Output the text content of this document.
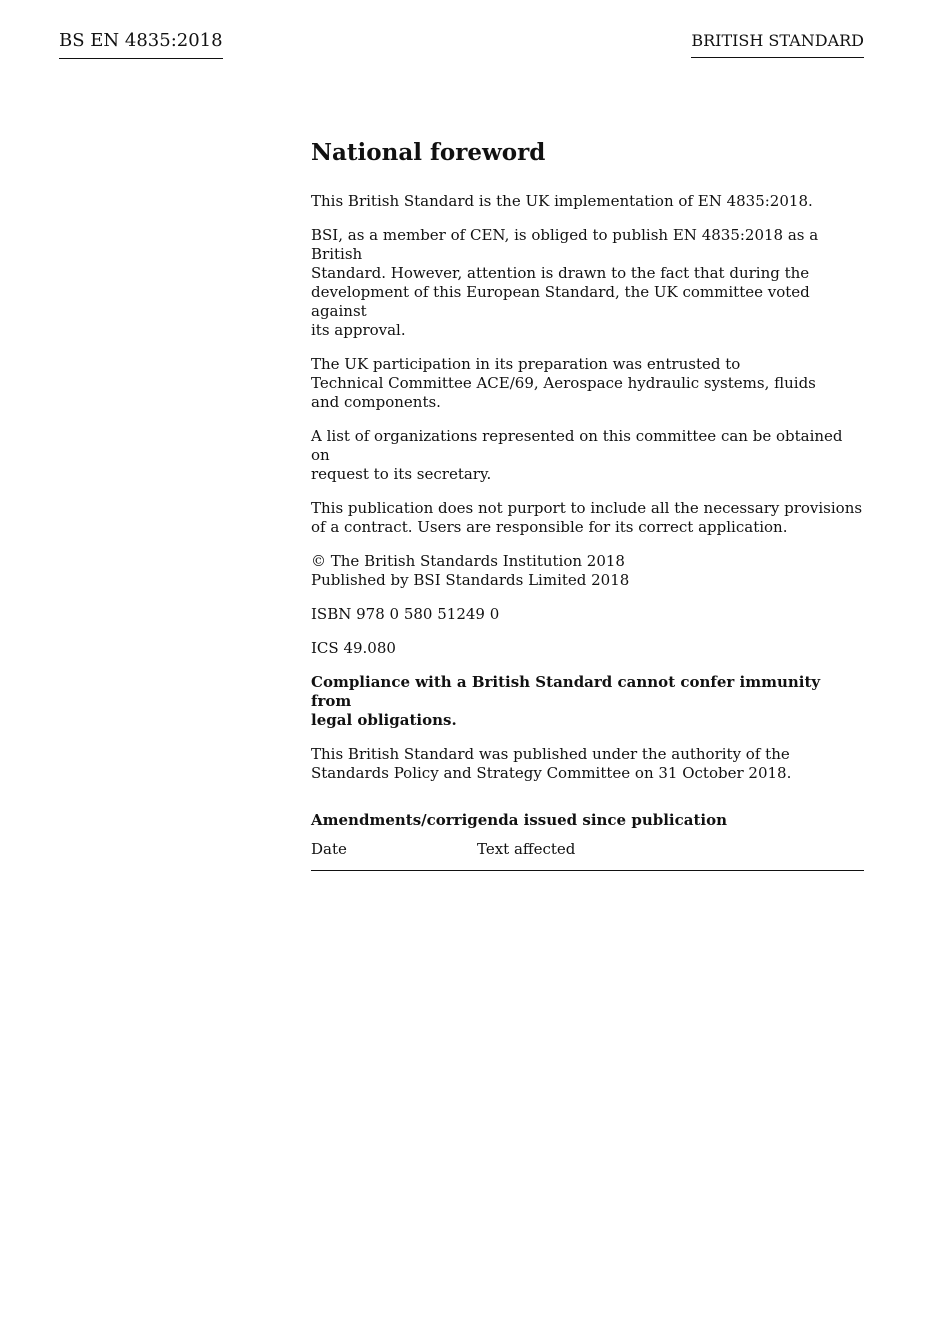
BS EN 4835:2018	BRITISH STANDARD
National foreword

This British Standard is the UK implementation of EN 4835:2018.

BSI, as a member of CEN, is obliged to publish EN 4835:2018 as a British
Standard. However, attention is drawn to the fact that during the
development of this European Standard, the UK committee voted against
its approval.

The UK participation in its preparation was entrusted to
Technical Committee ACE/69, Aerospace hydraulic systems, fluids
and components.

A list of organizations represented on this committee can be obtained on
request to its secretary.

This publication does not purport to include all the necessary provisions
of a contract. Users are responsible for its correct application.

© The British Standards Institution 2018
Published by BSI Standards Limited 2018

ISBN 978 0 580 51249 0

ICS 49.080

Compliance with a British Standard cannot confer immunity from
legal obligations.

This British Standard was published under the authority of the
Standards Policy and Strategy Committee on 31 October 2018.

Amendments/corrigenda issued since publication
Date	Text affected
